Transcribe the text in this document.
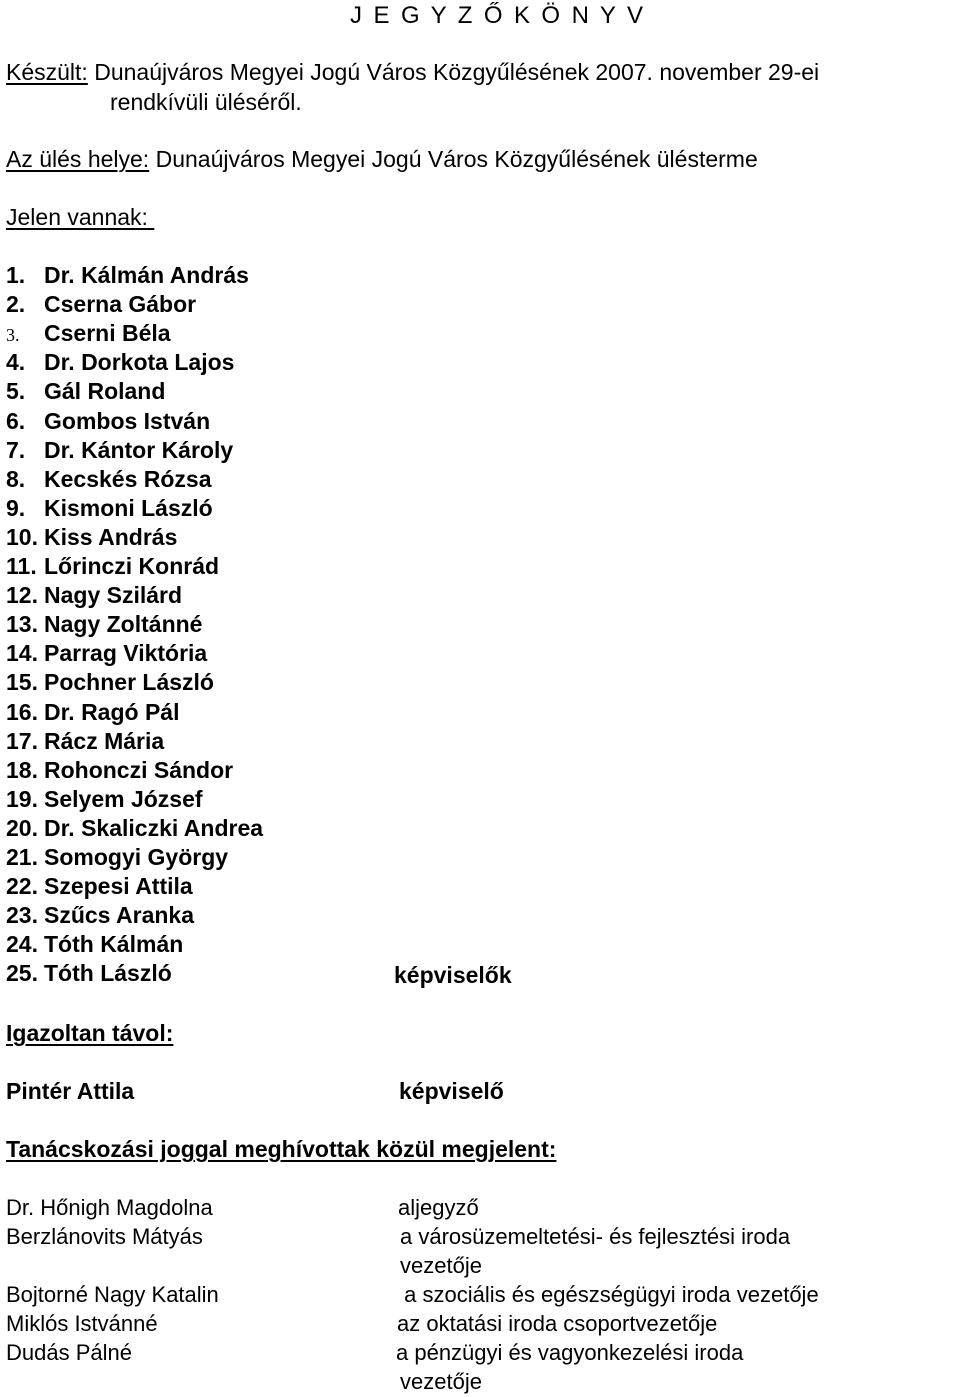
J E G Y Z Ő K Ö N Y V
Készült: Dunaújváros Megyei Jogú Város Közgyűlésének 2007. november 29-ei
rendkívüli üléséről.
Az ülés helye: Dunaújváros Megyei Jogú Város Közgyűlésének ülésterme
Jelen vannak:
1. Dr. Kálmán András
2. Cserna Gábor
3. Cserni Béla
4. Dr. Dorkota Lajos
5. Gál Roland
6. Gombos István
7. Dr. Kántor Károly
8. Kecskés Rózsa
9. Kismoni László
10. Kiss András
11. Lőrinczi Konrád
12. Nagy Szilárd
13. Nagy Zoltánné
14. Parrag Viktória
15. Pochner László
16. Dr. Ragó Pál
17. Rácz Mária
18. Rohonczi Sándor
19. Selyem József
20. Dr. Skaliczki Andrea
21. Somogyi György
22. Szepesi Attila
23. Szűcs Aranka
24. Tóth Kálmán
25. Tóth László	képviselők
Igazoltan távol:
Pintér Attila	képviselő
Tanácskozási joggal meghívottak közül megjelent:
Dr. Hőnigh Magdolna	aljegyző
Berzlánovits Mátyás	a városüzemeltetési- és fejlesztési iroda
vezetője
Bojtorné Nagy Katalin	a szociális és egészségügyi iroda vezetője
Miklós Istvánné	az oktatási iroda csoportvezetője
Dudás Pálné	a pénzügyi és vagyonkezelési iroda
vezetője
